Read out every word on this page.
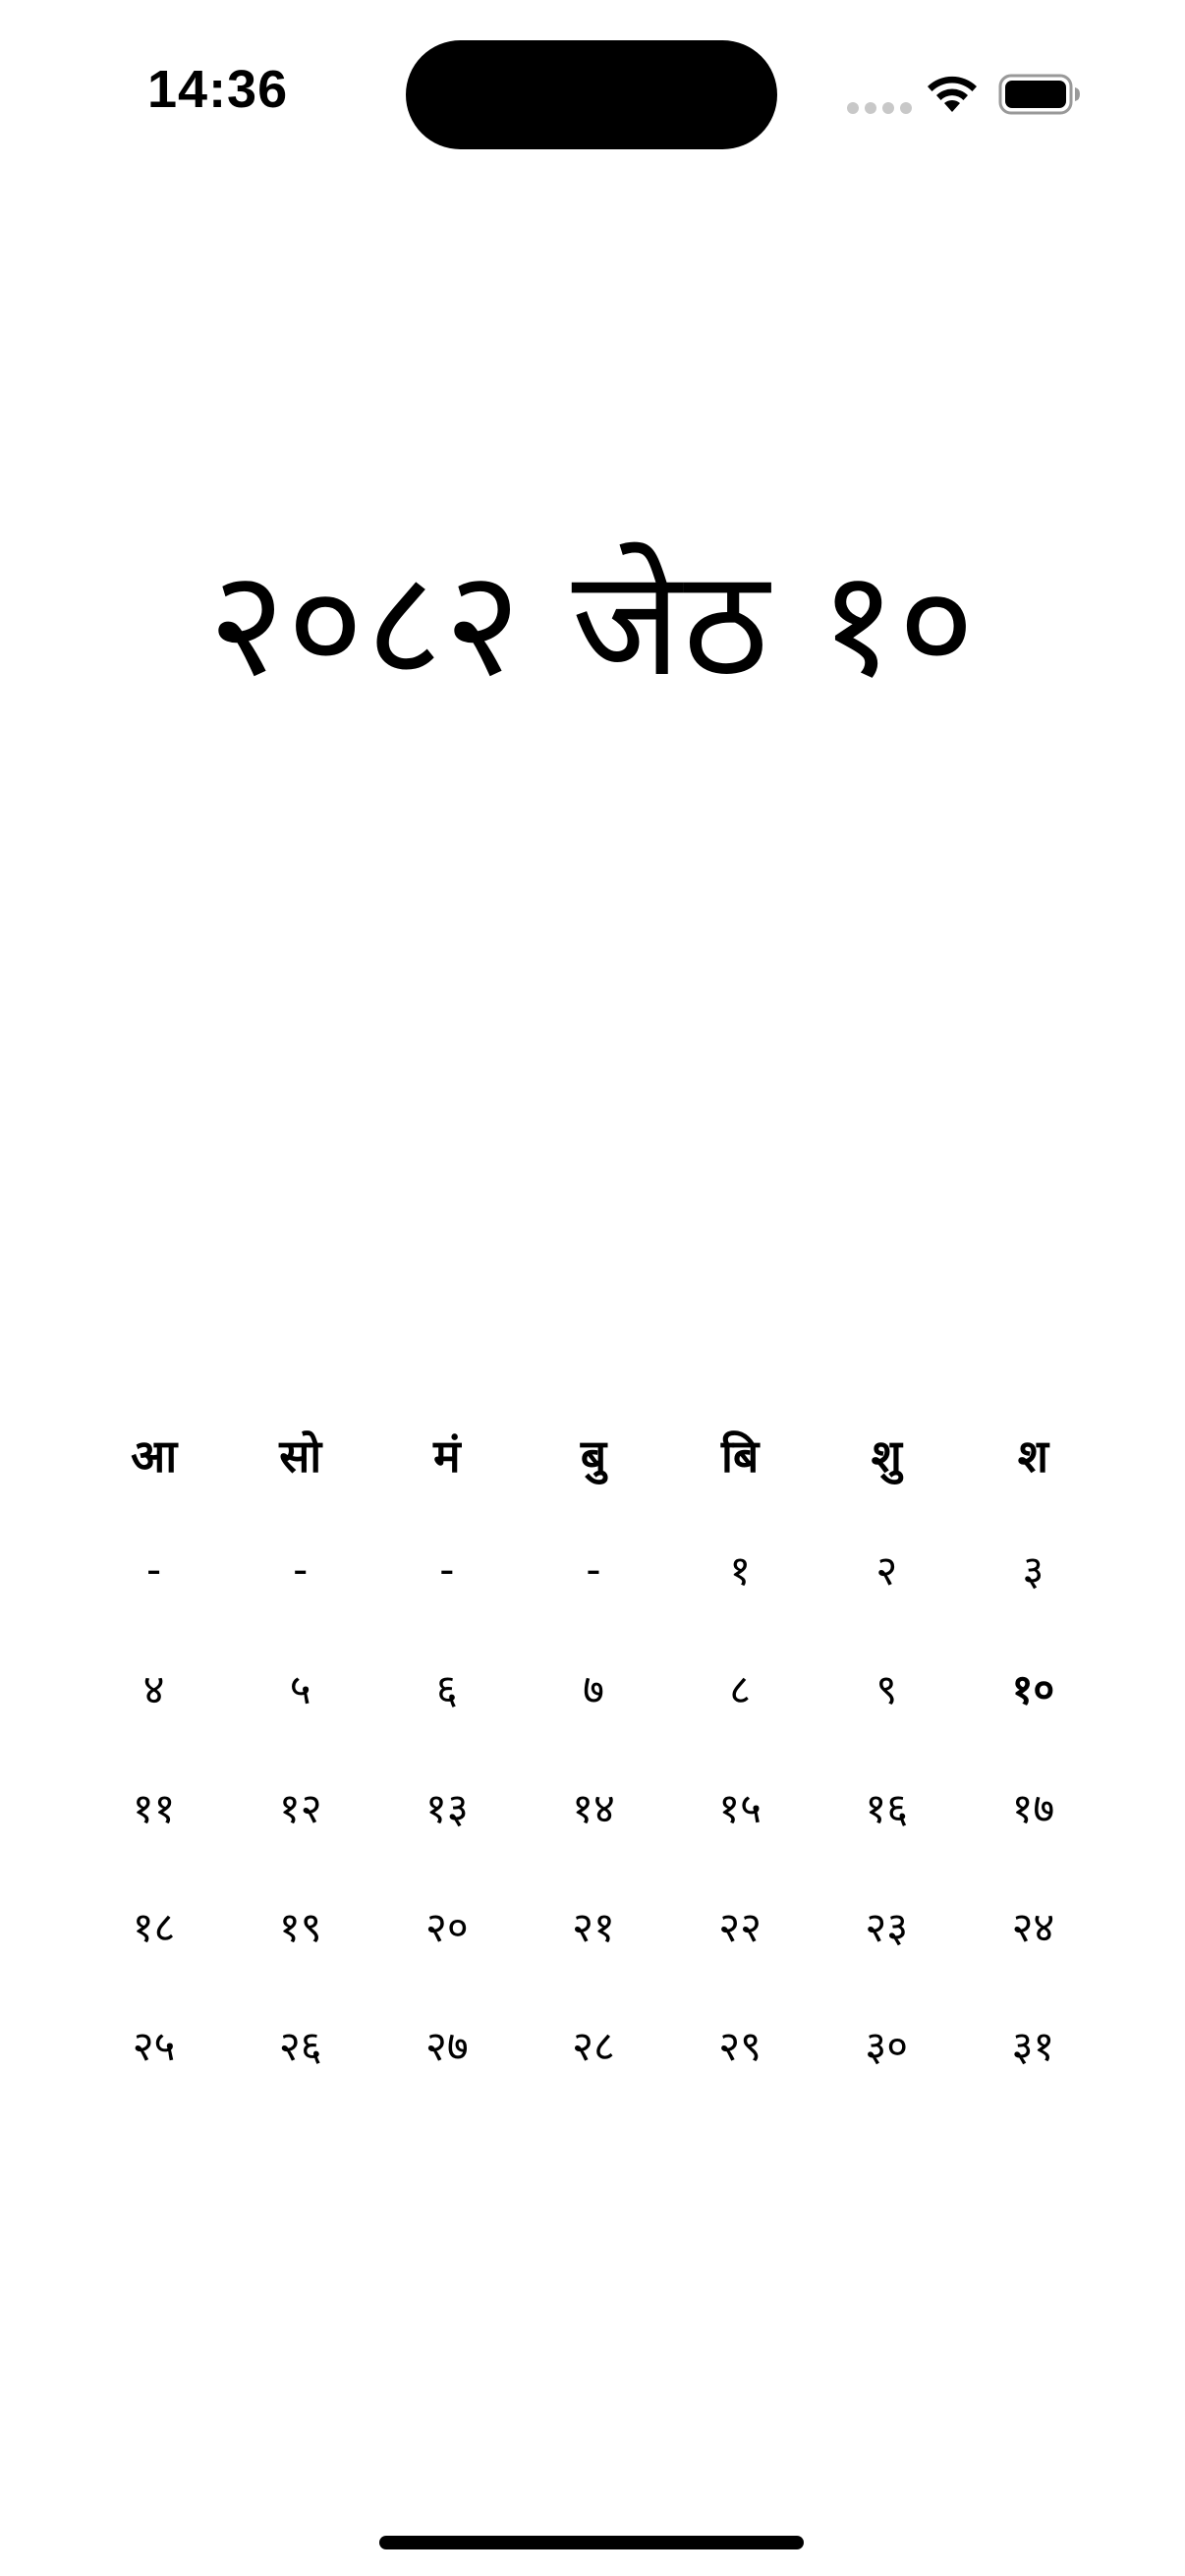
14:36
२०८२ जेठ १०
आ	सो	मं	बु	बि	शु	श
-	-	-	-	१	२	३
४	५	६	७	८	९	१०
११	१२	१३	१४	१५	१६	१७
१८	१९	२०	२१	२२	२३	२४
२५	२६	२७	२८	२९	३०	३१
